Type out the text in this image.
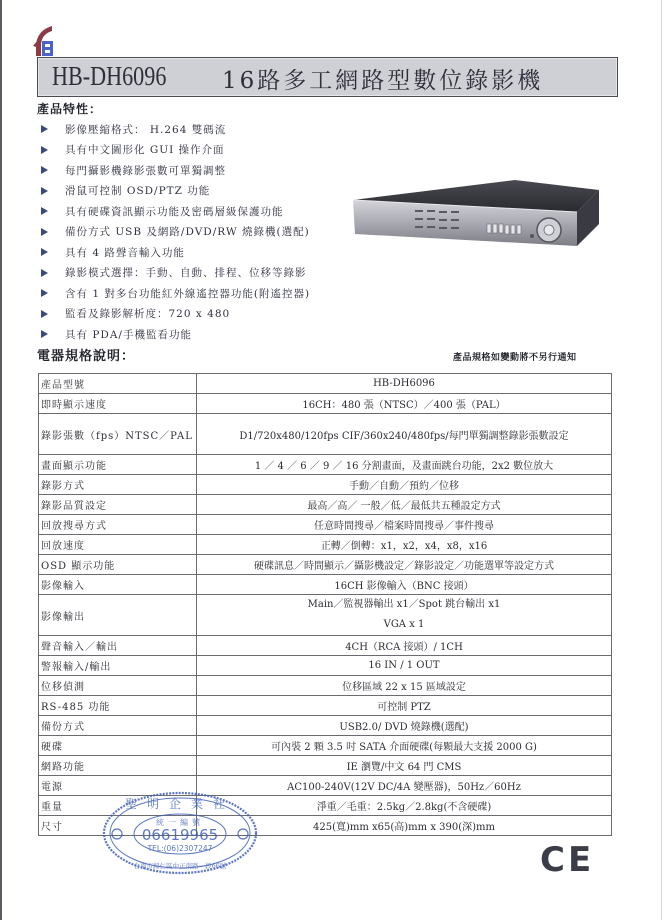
HB-DH6096 16路多工網路型數位錄影機
產品特性：
影像壓縮格式： H.264 雙碼流
具有中文圖形化 GUI 操作介面
每門攝影機錄影張數可單獨調整
滑鼠可控制 OSD/PTZ 功能
具有硬碟資訊顯示功能及密碼層級保護功能
備份方式 USB 及網路/DVD/RW 燒錄機(選配)
具有 4 路聲音輸入功能
錄影模式選擇：手動、自動、排程、位移等錄影
含有 1 對多台功能紅外線遙控器功能(附遙控器)
監看及錄影解析度：720 x 480
具有 PDA/手機監看功能
電器規格說明：	產品規格如變動將不另行通知
產品型號	HB-DH6096
即時顯示速度	16CH：480 張（NTSC）／400 張（PAL）
錄影張數（fps）NTSC／PAL	D1/720x480/120fps CIF/360x240/480fps/每門單獨調整錄影張數設定
畫面顯示功能	1 ／ 4 ／ 6 ／ 9 ／ 16 分割畫面，及畫面跳台功能，2x2 數位放大
錄影方式	手動／自動／預約／位移
錄影品質設定	最高／高／ 一般／低／最低共五種設定方式
回放搜尋方式	任意時間搜尋／檔案時間搜尋／事件搜尋
回放速度	正轉／倒轉：x1，x2，x4，x8，x16
OSD 顯示功能	硬碟訊息／時間顯示／攝影機設定／錄影設定／功能選單等設定方式
影像輸入	16CH 影像輸入（BNC 接頭）
影像輸出	Main／監視器輸出 x1／Spot 跳台輸出 x1
VGA x 1

聲音輸入／輸出	4CH（RCA 接頭）/ 1CH
警報輸入/輸出	16 IN / 1 OUT
位移偵測	位移區域 22 x 15 區域設定
RS-485 功能	可控制 PTZ
備份方式	USB2.0/ DVD 燒錄機(選配)
硬碟	可內裝 2 顆 3.5 吋 SATA 介面硬碟(每顆最大支援 2000 G)
網路功能	IE 瀏覽/中文 64 門 CMS
電源	AC100-240V(12V DC/4A 變壓器)，50Hz／60Hz
重量	淨重／毛重：2.5kg／2.8kg(不含硬碟)
尺寸	425(寬)mm x65(高)mm x 390(深)mm
聖明企業社
統一編號
06619965
TEL:(06)2307247
台南市歸仁區中正南路一段66號	CE
